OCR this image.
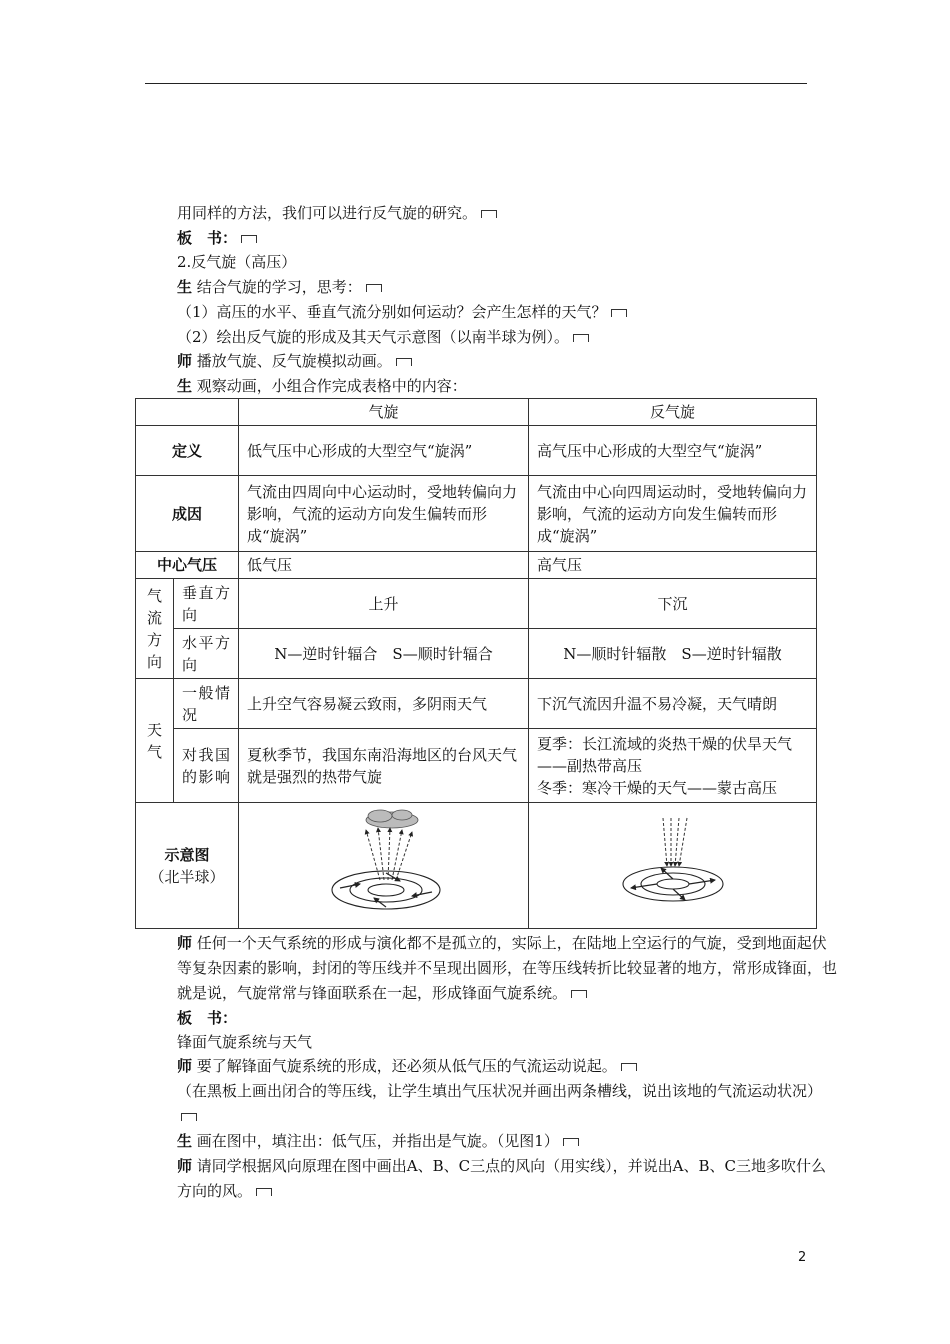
用同样的方法，我们可以进行反气旋的研究。
板　书：
2.反气旋（高压）
生 结合气旋的学习，思考：
（1）高压的水平、垂直气流分别如何运动？会产生怎样的天气？
（2）绘出反气旋的形成及其天气示意图（以南半球为例）。
师 播放气旋、反气旋模拟动画。
生 观察动画，小组合作完成表格中的内容：
		气旋	反气旋
定义		低气压中心形成的大型空气“旋涡”	高气压中心形成的大型空气“旋涡”
成因		气流由四周向中心运动时，受地转偏向力影响，气流的运动方向发生偏转而形成“旋涡”	气流由中心向四周运动时，受地转偏向力影响，气流的运动方向发生偏转而形成“旋涡”
中心气压		低气压	高气压
气流方向	垂直方向	上升	下沉
	水平方向	N—逆时针辐合　S—顺时针辐合	N—顺时针辐散　S—逆时针辐散
天气	一般情况	上升空气容易凝云致雨，多阴雨天气	下沉气流因升温不易冷凝，天气晴朗
	对我国的影响	夏秋季节，我国东南沿海地区的台风天气就是强烈的热带气旋	夏季：长江流域的炎热干燥的伏旱天气——副热带高压
冬季：寒冷干燥的天气——蒙古高压

示意图
（北半球）

师 任何一个天气系统的形成与演化都不是孤立的，实际上，在陆地上空运行的气旋，受到地面起伏等复杂因素的影响，封闭的等压线并不呈现出圆形，在等压线转折比较显著的地方，常形成锋面，也就是说，气旋常常与锋面联系在一起，形成锋面气旋系统。
板　书：
锋面气旋系统与天气
师 要了解锋面气旋系统的形成，还必须从低气压的气流运动说起。
（在黑板上画出闭合的等压线，让学生填出气压状况并画出两条槽线，说出该地的气流运动状况）
生 画在图中，填注出：低气压，并指出是气旋。（见图1）
师 请同学根据风向原理在图中画出A、B、C三点的风向（用实线），并说出A、B、C三地多吹什么方向的风。
2
